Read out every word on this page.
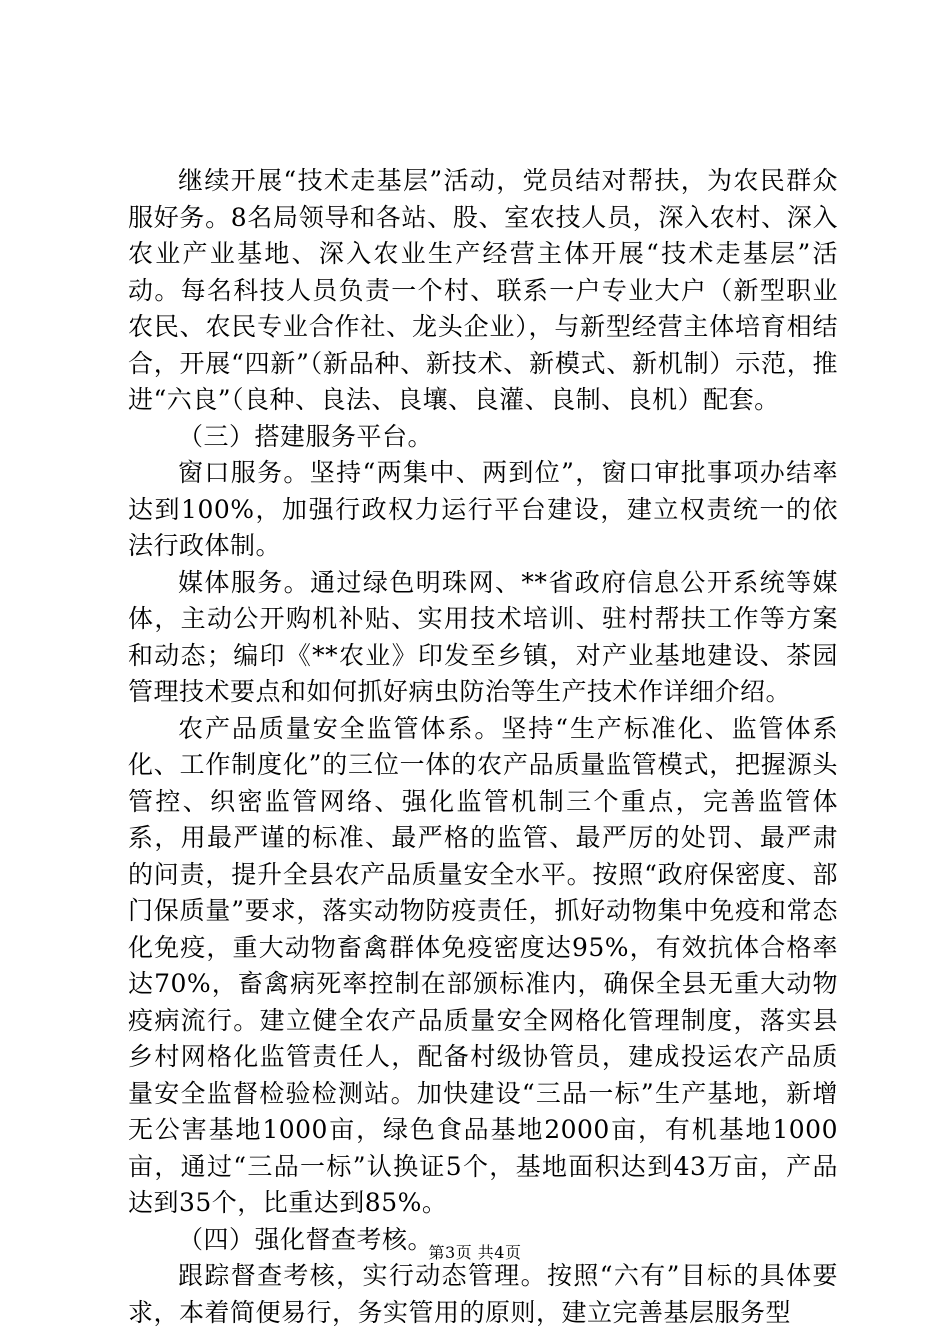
继续开展“技术走基层”活动，党员结对帮扶，为农民群众服好务。8名局领导和各站、股、室农技人员，深入农村、深入农业产业基地、深入农业生产经营主体开展“技术走基层”活动。每名科技人员负责一个村、联系一户专业大户（新型职业农民、农民专业合作社、龙头企业），与新型经营主体培育相结合，开展“四新”（新品种、新技术、新模式、新机制）示范，推进“六良”（良种、良法、良壤、良灌、良制、良机）配套。

（三）搭建服务平台。

窗口服务。坚持“两集中、两到位”，窗口审批事项办结率达到100%，加强行政权力运行平台建设，建立权责统一的依法行政体制。

媒体服务。通过绿色明珠网、**省政府信息公开系统等媒体，主动公开购机补贴、实用技术培训、驻村帮扶工作等方案和动态；编印《**农业》印发至乡镇，对产业基地建设、茶园管理技术要点和如何抓好病虫防治等生产技术作详细介绍。

农产品质量安全监管体系。坚持“生产标准化、监管体系化、工作制度化”的三位一体的农产品质量监管模式，把握源头管控、织密监管网络、强化监管机制三个重点，完善监管体系，用最严谨的标准、最严格的监管、最严厉的处罚、最严肃的问责，提升全县农产品质量安全水平。按照“政府保密度、部门保质量”要求，落实动物防疫责任，抓好动物集中免疫和常态化免疫，重大动物畜禽群体免疫密度达95%，有效抗体合格率达70%，畜禽病死率控制在部颁标准内，确保全县无重大动物疫病流行。建立健全农产品质量安全网格化管理制度，落实县乡村网格化监管责任人，配备村级协管员，建成投运农产品质量安全监督检验检测站。加快建设“三品一标”生产基地，新增无公害基地1000亩，绿色食品基地2000亩，有机基地1000亩，通过“三品一标”认换证5个，基地面积达到43万亩，产品达到35个，比重达到85%。

（四）强化督查考核。

跟踪督查考核，实行动态管理。按照“六有”目标的具体要求，本着简便易行，务实管用的原则，建立完善基层服务型

第3页 共4页
